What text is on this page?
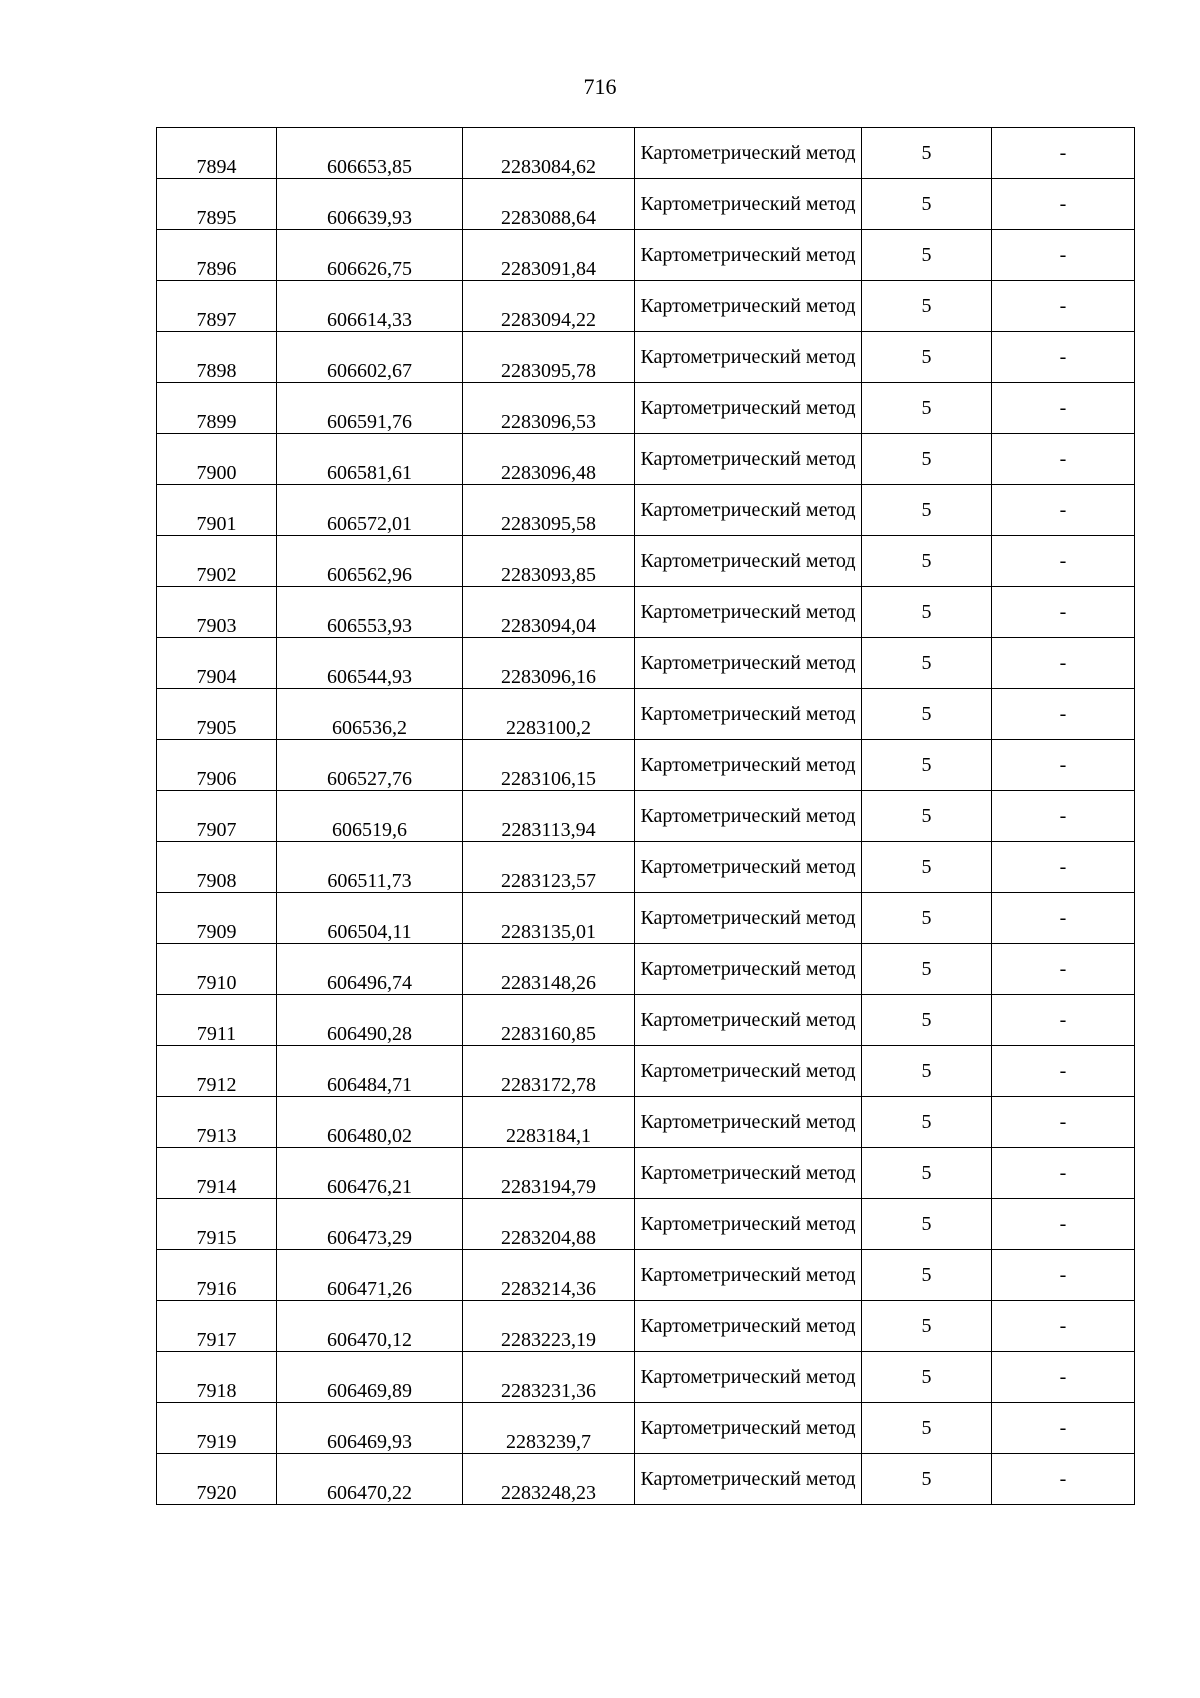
716
7894	606653,85	2283084,62	Картометрический метод	5	-
7895	606639,93	2283088,64	Картометрический метод	5	-
7896	606626,75	2283091,84	Картометрический метод	5	-
7897	606614,33	2283094,22	Картометрический метод	5	-
7898	606602,67	2283095,78	Картометрический метод	5	-
7899	606591,76	2283096,53	Картометрический метод	5	-
7900	606581,61	2283096,48	Картометрический метод	5	-
7901	606572,01	2283095,58	Картометрический метод	5	-
7902	606562,96	2283093,85	Картометрический метод	5	-
7903	606553,93	2283094,04	Картометрический метод	5	-
7904	606544,93	2283096,16	Картометрический метод	5	-
7905	606536,2	2283100,2	Картометрический метод	5	-
7906	606527,76	2283106,15	Картометрический метод	5	-
7907	606519,6	2283113,94	Картометрический метод	5	-
7908	606511,73	2283123,57	Картометрический метод	5	-
7909	606504,11	2283135,01	Картометрический метод	5	-
7910	606496,74	2283148,26	Картометрический метод	5	-
7911	606490,28	2283160,85	Картометрический метод	5	-
7912	606484,71	2283172,78	Картометрический метод	5	-
7913	606480,02	2283184,1	Картометрический метод	5	-
7914	606476,21	2283194,79	Картометрический метод	5	-
7915	606473,29	2283204,88	Картометрический метод	5	-
7916	606471,26	2283214,36	Картометрический метод	5	-
7917	606470,12	2283223,19	Картометрический метод	5	-
7918	606469,89	2283231,36	Картометрический метод	5	-
7919	606469,93	2283239,7	Картометрический метод	5	-
7920	606470,22	2283248,23	Картометрический метод	5	-
